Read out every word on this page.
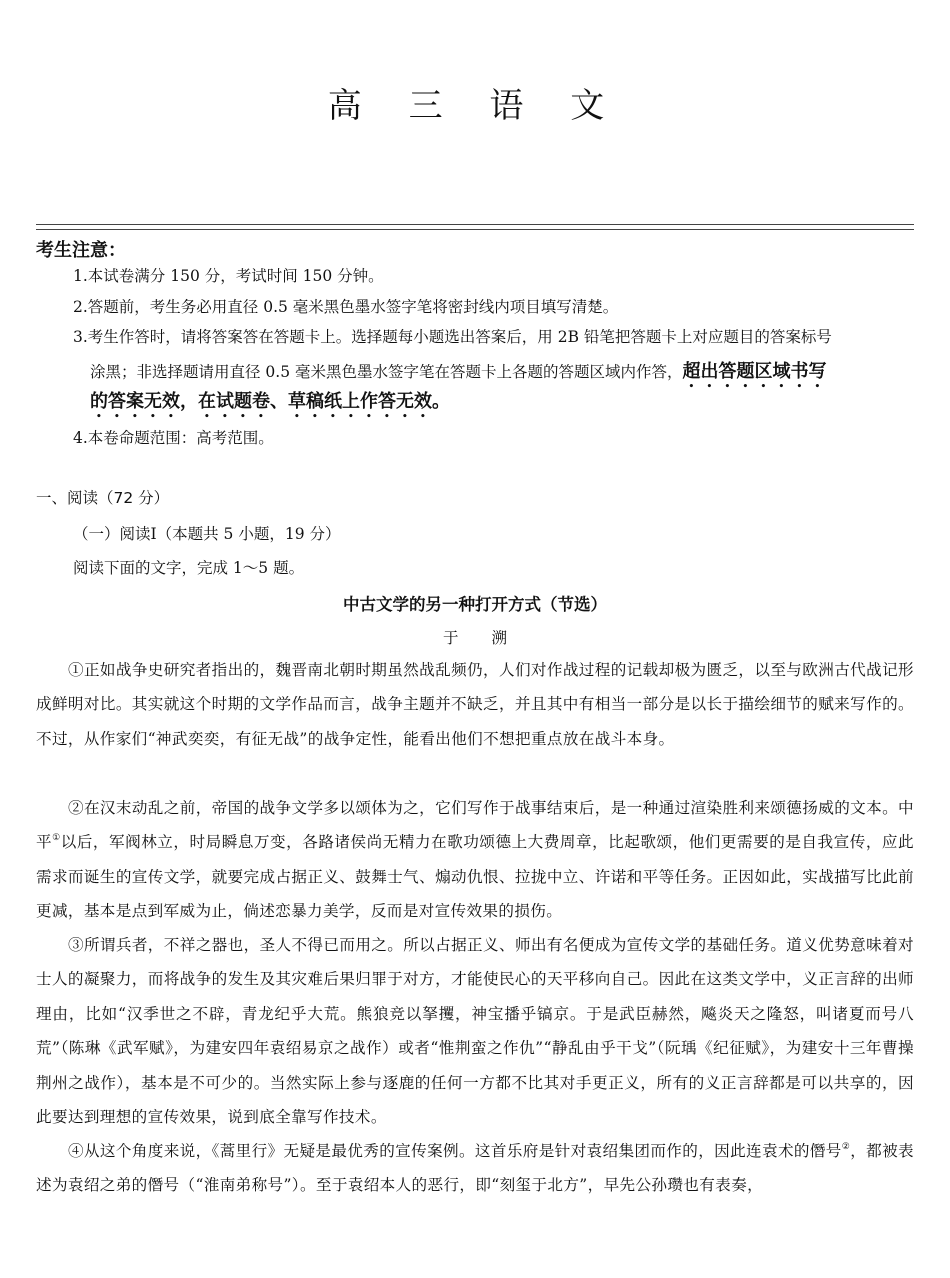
高 三 语 文
考生注意：
1.本试卷满分 150 分，考试时间 150 分钟。
2.答题前，考生务必用直径 0.5 毫米黑色墨水签字笔将密封线内项目填写清楚。
3.考生作答时，请将答案答在答题卡上。选择题每小题选出答案后，用 2B 铅笔把答题卡上对应题目的答案标号
涂黑；非选择题请用直径 0.5 毫米黑色墨水签字笔在答题卡上各题的答题区域内作答，超出答题区域书写
的答案无效，在试题卷、草稿纸上作答无效。
4.本卷命题范围：高考范围。
一、阅读（72 分）
（一）阅读Ⅰ（本题共 5 小题，19 分）
阅读下面的文字，完成 1～5 题。
中古文学的另一种打开方式（节选）
于 溯
①正如战争史研究者指出的，魏晋南北朝时期虽然战乱频仍，人们对作战过程的记载却极为匮乏，以至与欧洲古代战记形成鲜明对比。其实就这个时期的文学作品而言，战争主题并不缺乏，并且其中有相当一部分是以长于描绘细节的赋来写作的。不过，从作家们“神武奕奕，有征无战”的战争定性，能看出他们不想把重点放在战斗本身。
②在汉末动乱之前，帝国的战争文学多以颂体为之，它们写作于战事结束后，是一种通过渲染胜利来颂德扬威的文本。中平①以后，军阀林立，时局瞬息万变，各路诸侯尚无精力在歌功颂德上大费周章，比起歌颂，他们更需要的是自我宣传，应此需求而诞生的宣传文学，就要完成占据正义、鼓舞士气、煽动仇恨、拉拢中立、许诺和平等任务。正因如此，实战描写比此前更减，基本是点到军威为止，倘述恋暴力美学，反而是对宣传效果的损伤。
③所谓兵者，不祥之器也，圣人不得已而用之。所以占据正义、师出有名便成为宣传文学的基础任务。道义优势意味着对士人的凝聚力，而将战争的发生及其灾难后果归罪于对方，才能使民心的天平移向自己。因此在这类文学中，义正言辞的出师理由，比如“汉季世之不辟，青龙纪乎大荒。熊狼竞以拏攫，神宝播乎镐京。于是武臣赫然，飚炎天之隆怒，叫诸夏而号八荒”（陈琳《武军赋》，为建安四年袁绍易京之战作）或者“惟荆蛮之作仇”“静乱由乎干戈”（阮瑀《纪征赋》，为建安十三年曹操荆州之战作），基本是不可少的。当然实际上参与逐鹿的任何一方都不比其对手更正义，所有的义正言辞都是可以共享的，因此要达到理想的宣传效果，说到底全靠写作技术。
④从这个角度来说，《蒿里行》无疑是最优秀的宣传案例。这首乐府是针对袁绍集团而作的，因此连袁术的僭号②，都被表述为袁绍之弟的僭号（“淮南弟称号”）。至于袁绍本人的恶行，即“刻玺于北方”，早先公孙瓒也有表奏，
